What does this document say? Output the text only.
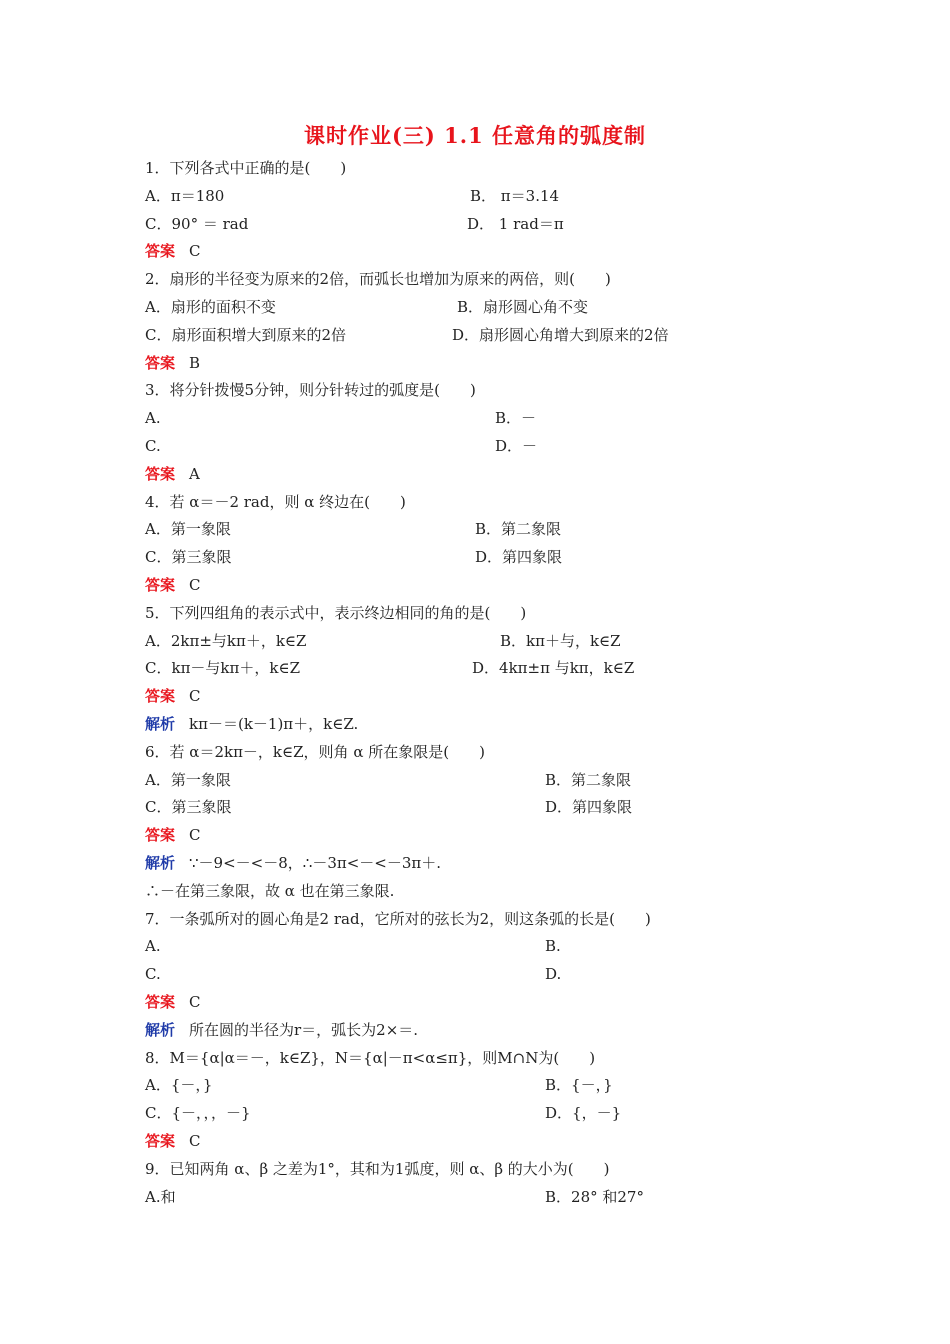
课时作业(三) 1.1 任意角的弧度制
1．下列各式中正确的是(　　)
A．π＝180	B． π＝3.14
C．90° ＝ rad	D． 1 rad＝π
答案 C
2．扇形的半径变为原来的2倍，而弧长也增加为原来的两倍，则(　　)
A．扇形的面积不变	B．扇形圆心角不变
C．扇形面积增大到原来的2倍	D．扇形圆心角增大到原来的2倍
答案 B
3．将分针拨慢5分钟，则分针转过的弧度是(　　)
A.	B．－
C.	D．－
答案 A
4．若 α＝－2 rad，则 α 终边在(　　)
A．第一象限	B．第二象限
C．第三象限	D．第四象限
答案 C
5．下列四组角的表示式中，表示终边相同的角的是(　　)
A．2kπ±与kπ＋，k∈Z	B．kπ＋与，k∈Z
C．kπ－与kπ＋，k∈Z	D．4kπ±π 与kπ，k∈Z
答案 C
解析 kπ－＝(k－1)π＋，k∈Z.
6．若 α＝2kπ－，k∈Z，则角 α 所在象限是(　　)
A．第一象限	B．第二象限
C．第三象限	D．第四象限
答案 C
解析 ∵－9<－<－8，∴－3π<－<－3π＋.
∴－在第三象限，故 α 也在第三象限.
7．一条弧所对的圆心角是2 rad，它所对的弦长为2，则这条弧的长是(　　)
A.	B.
C.	D.
答案 C
解析 所在圆的半径为r＝，弧长为2×＝.
8．M＝{α|α＝－，k∈Z}，N＝{α|－π<α≤π}，则M∩N为(　　)
A．{－，}	B．{－，}
C．{－，，，－}	D．{，－}
答案 C
9．已知两角 α、β 之差为1°，其和为1弧度，则 α、β 的大小为(　　)
A.和	B．28° 和27°
